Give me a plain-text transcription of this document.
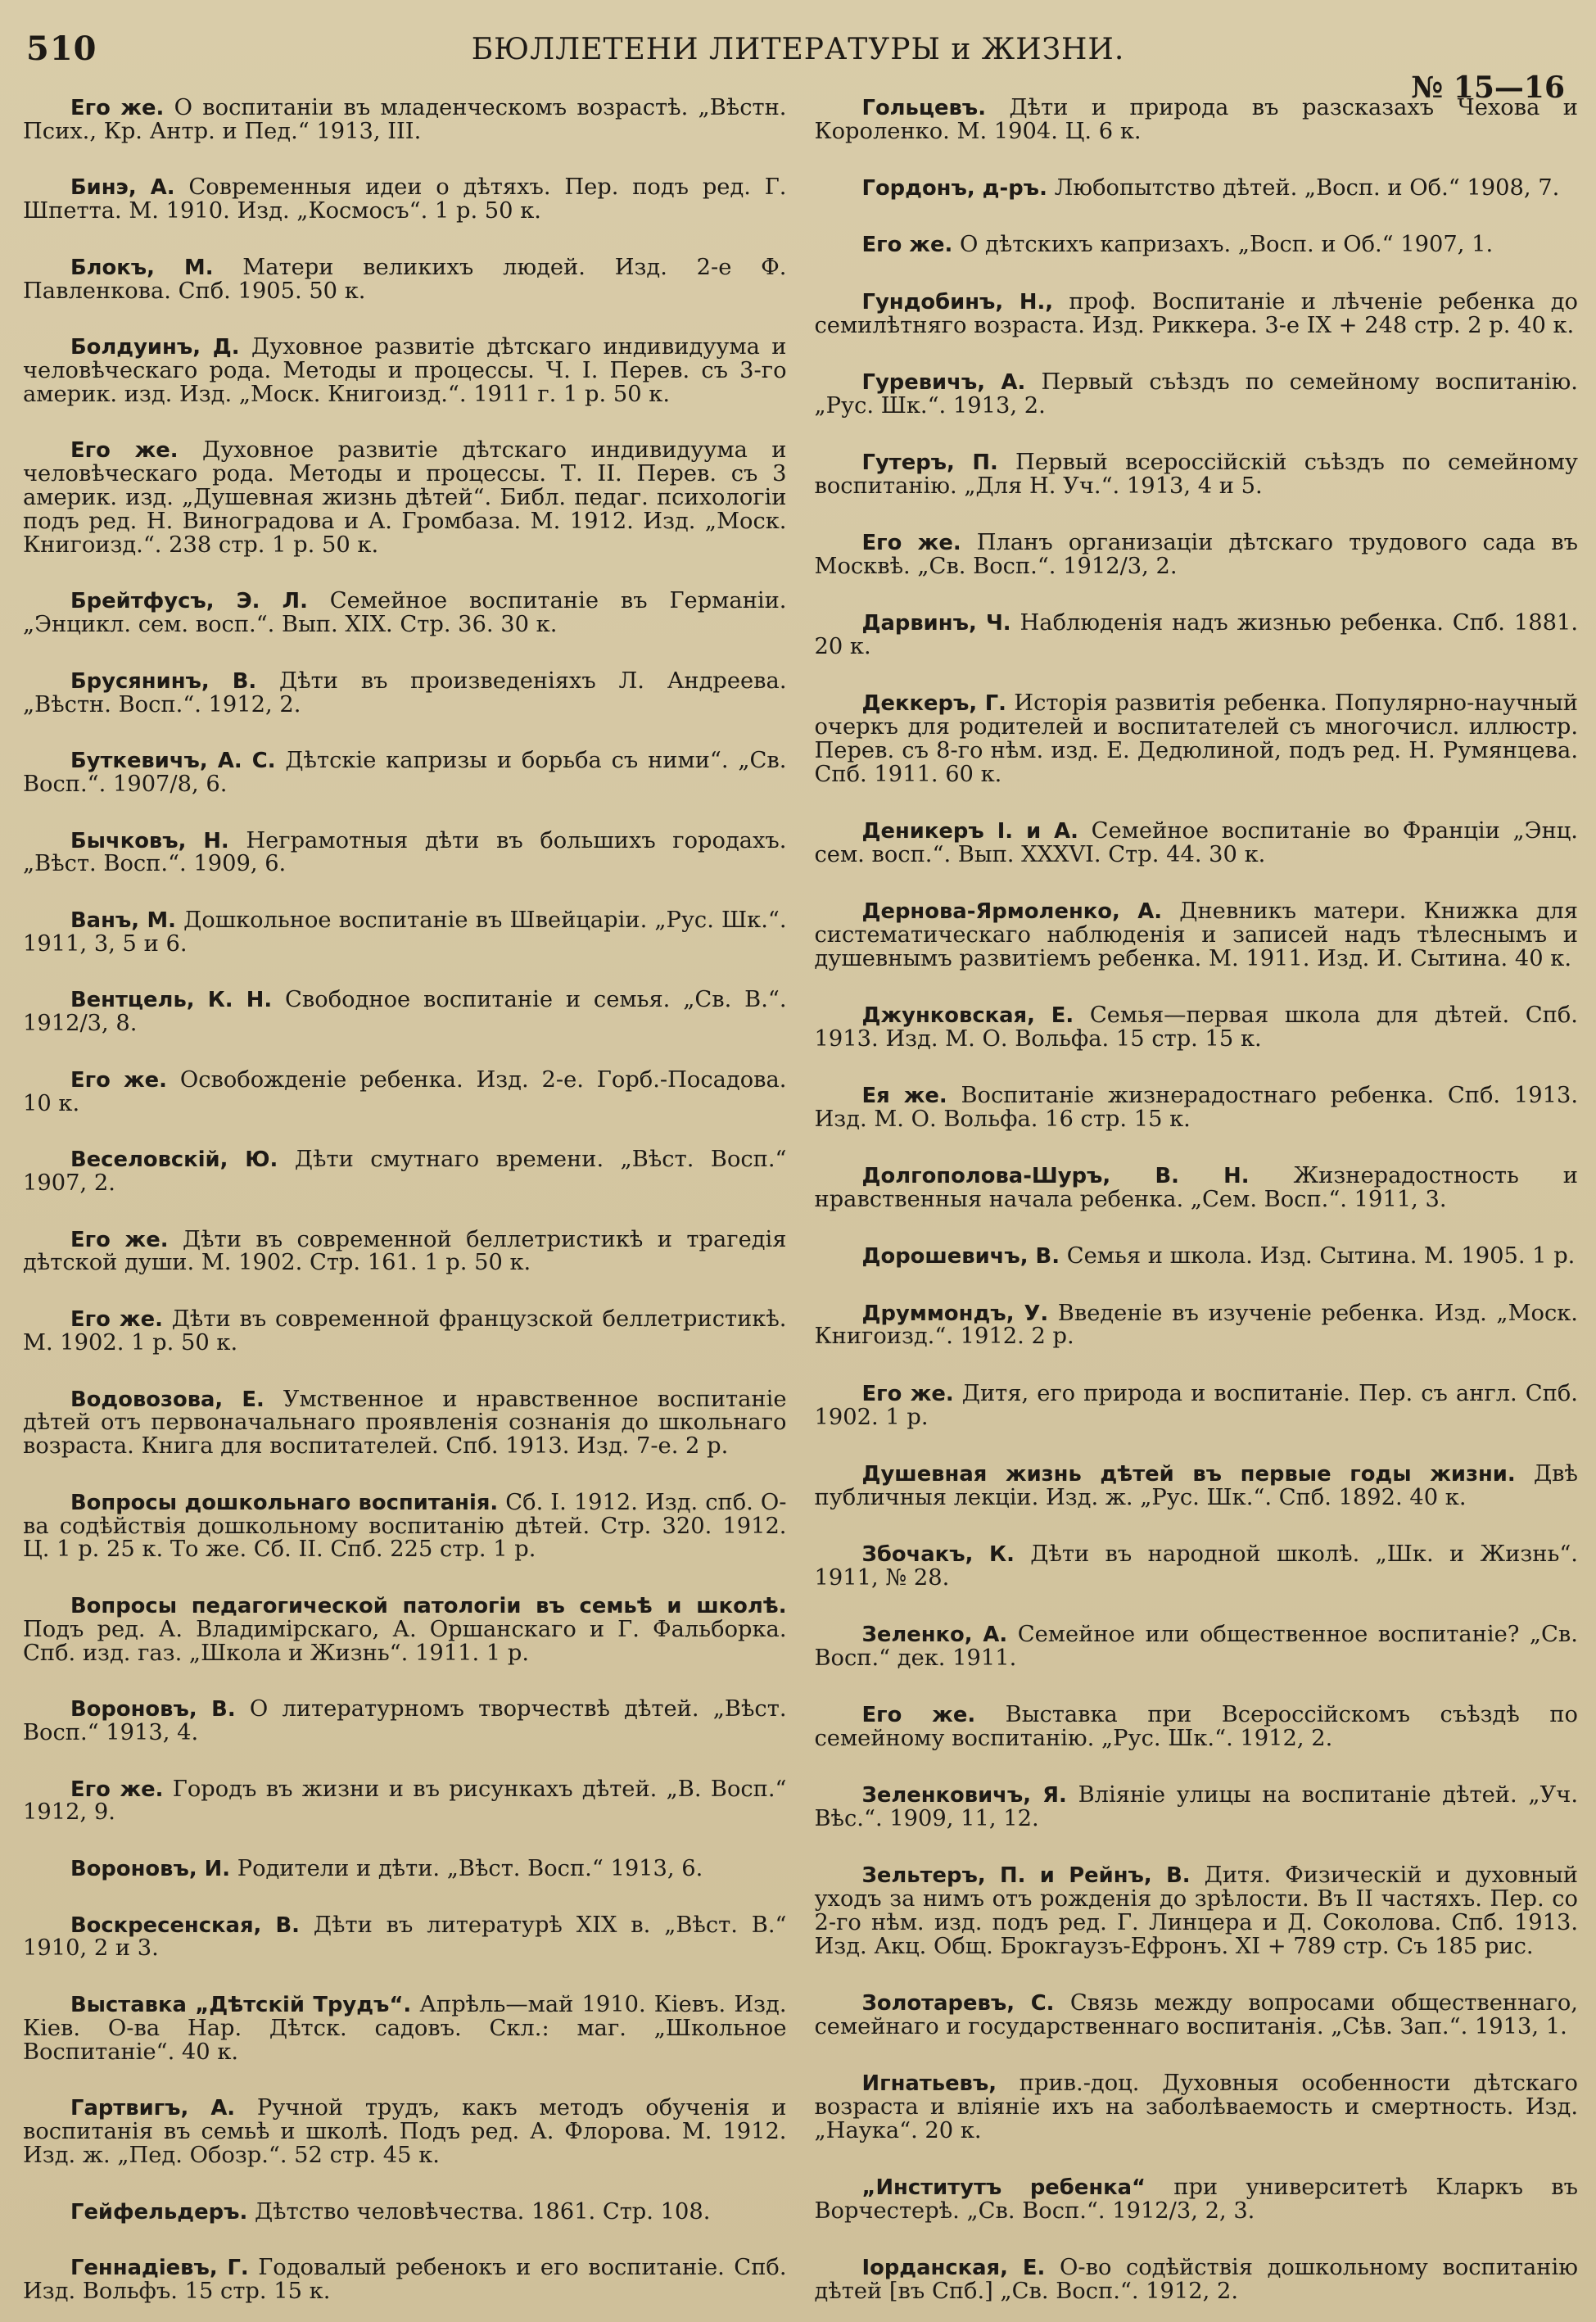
510	БЮЛЛЕТЕНИ ЛИТЕРАТУРЫ и ЖИЗНИ.
№ 15—16

Его же. О воспитаніи въ младенческомъ возрастѣ. „Вѣстн. Псих., Кр. Антр. и Пед.“ 1913, III.

Бинэ, А. Современныя идеи о дѣтяхъ. Пер. подъ ред. Г. Шпетта. М. 1910. Изд. „Космосъ“. 1 р. 50 к.

Блокъ, М. Матери великихъ людей. Изд. 2-е Ф. Павленкова. Спб. 1905. 50 к.

Болдуинъ, Д. Духовное развитіе дѣтскаго индивидуума и человѣческаго рода. Методы и процессы. Ч. I. Перев. съ 3-го америк. изд. Изд. „Моск. Книгоизд.“. 1911 г. 1 р. 50 к.

Его же. Духовное развитіе дѣтскаго индивидуума и человѣческаго рода. Методы и процессы. Т. II. Перев. съ 3 америк. изд. „Душевная жизнь дѣтей“. Библ. педаг. психологіи подъ ред. Н. Виноградова и А. Громбаза. М. 1912. Изд. „Моск. Книгоизд.“. 238 стр. 1 р. 50 к.

Брейтфусъ, Э. Л. Семейное воспитаніе въ Германіи. „Энцикл. сем. восп.“. Вып. XIX. Стр. 36. 30 к.

Брусянинъ, В. Дѣти въ произведеніяхъ Л. Андреева. „Вѣстн. Восп.“. 1912, 2.

Буткевичъ, А. С. Дѣтскіе капризы и борьба съ ними“. „Св. Восп.“. 1907/8, 6.

Бычковъ, Н. Неграмотныя дѣти въ большихъ городахъ. „Вѣст. Восп.“. 1909, 6.

Ванъ, М. Дошкольное воспитаніе въ Швейцаріи. „Рус. Шк.“. 1911, 3, 5 и 6.

Вентцель, К. Н. Свободное воспитаніе и семья. „Св. В.“. 1912/3, 8.

Его же. Освобожденіе ребенка. Изд. 2-е. Горб.-Посадова. 10 к.

Веселовскій, Ю. Дѣти смутнаго времени. „Вѣст. Восп.“ 1907, 2.

Его же. Дѣти въ современной беллетристикѣ и трагедія дѣтской души. М. 1902. Стр. 161. 1 р. 50 к.

Его же. Дѣти въ современной французской беллетристикѣ. М. 1902. 1 р. 50 к.

Водовозова, Е. Умственное и нравственное воспитаніе дѣтей отъ первоначальнаго проявленія сознанія до школьнаго возраста. Книга для воспитателей. Спб. 1913. Изд. 7-е. 2 р.

Вопросы дошкольнаго воспитанія. Сб. I. 1912. Изд. спб. О-ва содѣйствія дошкольному воспитанію дѣтей. Стр. 320. 1912. Ц. 1 р. 25 к. То же. Сб. II. Спб. 225 стр. 1 р.

Вопросы педагогической патологіи въ семьѣ и школѣ. Подъ ред. А. Владимірскаго, А. Оршанскаго и Г. Фальборка. Спб. изд. газ. „Школа и Жизнь“. 1911. 1 р.

Вороновъ, В. О литературномъ творчествѣ дѣтей. „Вѣст. Восп.“ 1913, 4.

Его же. Городъ въ жизни и въ рисункахъ дѣтей. „В. Восп.“ 1912, 9.

Вороновъ, И. Родители и дѣти. „Вѣст. Восп.“ 1913, 6.

Воскресенская, В. Дѣти въ литературѣ XIX в. „Вѣст. В.“ 1910, 2 и 3.

Выставка „Дѣтскій Трудъ“. Апрѣль—май 1910. Кіевъ. Изд. Кіев. О-ва Нар. Дѣтск. садовъ. Скл.: маг. „Школьное Воспитаніе“. 40 к.

Гартвигъ, А. Ручной трудъ, какъ методъ обученія и воспитанія въ семьѣ и школѣ. Подъ ред. А. Флорова. М. 1912. Изд. ж. „Пед. Обозр.“. 52 стр. 45 к.

Гейфельдеръ. Дѣтство человѣчества. 1861. Стр. 108.

Геннадіевъ, Г. Годовалый ребенокъ и его воспитаніе. Спб. Изд. Вольфъ. 15 стр. 15 к.

Гольцевъ. Дѣти и природа въ разсказахъ Чехова и Короленко. М. 1904. Ц. 6 к.

Гордонъ, д-ръ. Любопытство дѣтей. „Восп. и Об.“ 1908, 7.

Его же. О дѣтскихъ капризахъ. „Восп. и Об.“ 1907, 1.

Гундобинъ, Н., проф. Воспитаніе и лѣченіе ребенка до семилѣтняго возраста. Изд. Риккера. 3-е IX + 248 стр. 2 р. 40 к.

Гуревичъ, А. Первый съѣздъ по семейному воспитанію. „Рус. Шк.“. 1913, 2.

Гутеръ, П. Первый всероссійскій съѣздъ по семейному воспитанію. „Для Н. Уч.“. 1913, 4 и 5.

Его же. Планъ организаціи дѣтскаго трудового сада въ Москвѣ. „Св. Восп.“. 1912/3, 2.

Дарвинъ, Ч. Наблюденія надъ жизнью ребенка. Спб. 1881. 20 к.

Деккеръ, Г. Исторія развитія ребенка. Популярно-научный очеркъ для родителей и воспитателей съ многочисл. иллюстр. Перев. съ 8-го нѣм. изд. Е. Дедюлиной, подъ ред. Н. Румянцева. Спб. 1911. 60 к.

Деникеръ І. и А. Семейное воспитаніе во Франціи „Энц. сем. восп.“. Вып. XXXVI. Стр. 44. 30 к.

Дернова-Ярмоленко, А. Дневникъ матери. Книжка для систематическаго наблюденія и записей надъ тѣлеснымъ и душевнымъ развитіемъ ребенка. М. 1911. Изд. И. Сытина. 40 к.

Джунковская, Е. Семья—первая школа для дѣтей. Спб. 1913. Изд. М. О. Вольфа. 15 стр. 15 к.

Ея же. Воспитаніе жизнерадостнаго ребенка. Спб. 1913. Изд. М. О. Вольфа. 16 стр. 15 к.

Долгополова-Шуръ, В. Н. Жизнерадостность и нравственныя начала ребенка. „Сем. Восп.“. 1911, 3.

Дорошевичъ, В. Семья и школа. Изд. Сытина. М. 1905. 1 р.

Друммондъ, У. Введеніе въ изученіе ребенка. Изд. „Моск. Книгоизд.“. 1912. 2 р.

Его же. Дитя, его природа и воспитаніе. Пер. съ англ. Спб. 1902. 1 р.

Душевная жизнь дѣтей въ первые годы жизни. Двѣ публичныя лекціи. Изд. ж. „Рус. Шк.“. Спб. 1892. 40 к.

Збочакъ, К. Дѣти въ народной школѣ. „Шк. и Жизнь“. 1911, № 28.

Зеленко, А. Семейное или общественное воспитаніе? „Св. Восп.“ дек. 1911.

Его же. Выставка при Всероссійскомъ съѣздѣ по семейному воспитанію. „Рус. Шк.“. 1912, 2.

Зеленковичъ, Я. Вліяніе улицы на воспитаніе дѣтей. „Уч. Вѣс.“. 1909, 11, 12.

Зельтеръ, П. и Рейнъ, В. Дитя. Физическій и духовный уходъ за нимъ отъ рожденія до зрѣлости. Въ II частяхъ. Пер. со 2-го нѣм. изд. подъ ред. Г. Линцера и Д. Соколова. Спб. 1913. Изд. Акц. Общ. Брокгаузъ-Ефронъ. XI + 789 стр. Съ 185 рис.

Золотаревъ, С. Связь между вопросами общественнаго, семейнаго и государственнаго воспитанія. „Сѣв. Зап.“. 1913, 1.

Игнатьевъ, прив.-доц. Духовныя особенности дѣтскаго возраста и вліяніе ихъ на заболѣваемость и смертность. Изд. „Наука“. 20 к.

„Институтъ ребенка“ при университетѣ Кларкъ въ Ворчестерѣ. „Св. Восп.“. 1912/3, 2, 3.

Іорданская, Е. О-во содѣйствія дошкольному воспитанію дѣтей [въ Спб.] „Св. Восп.“. 1912, 2.
